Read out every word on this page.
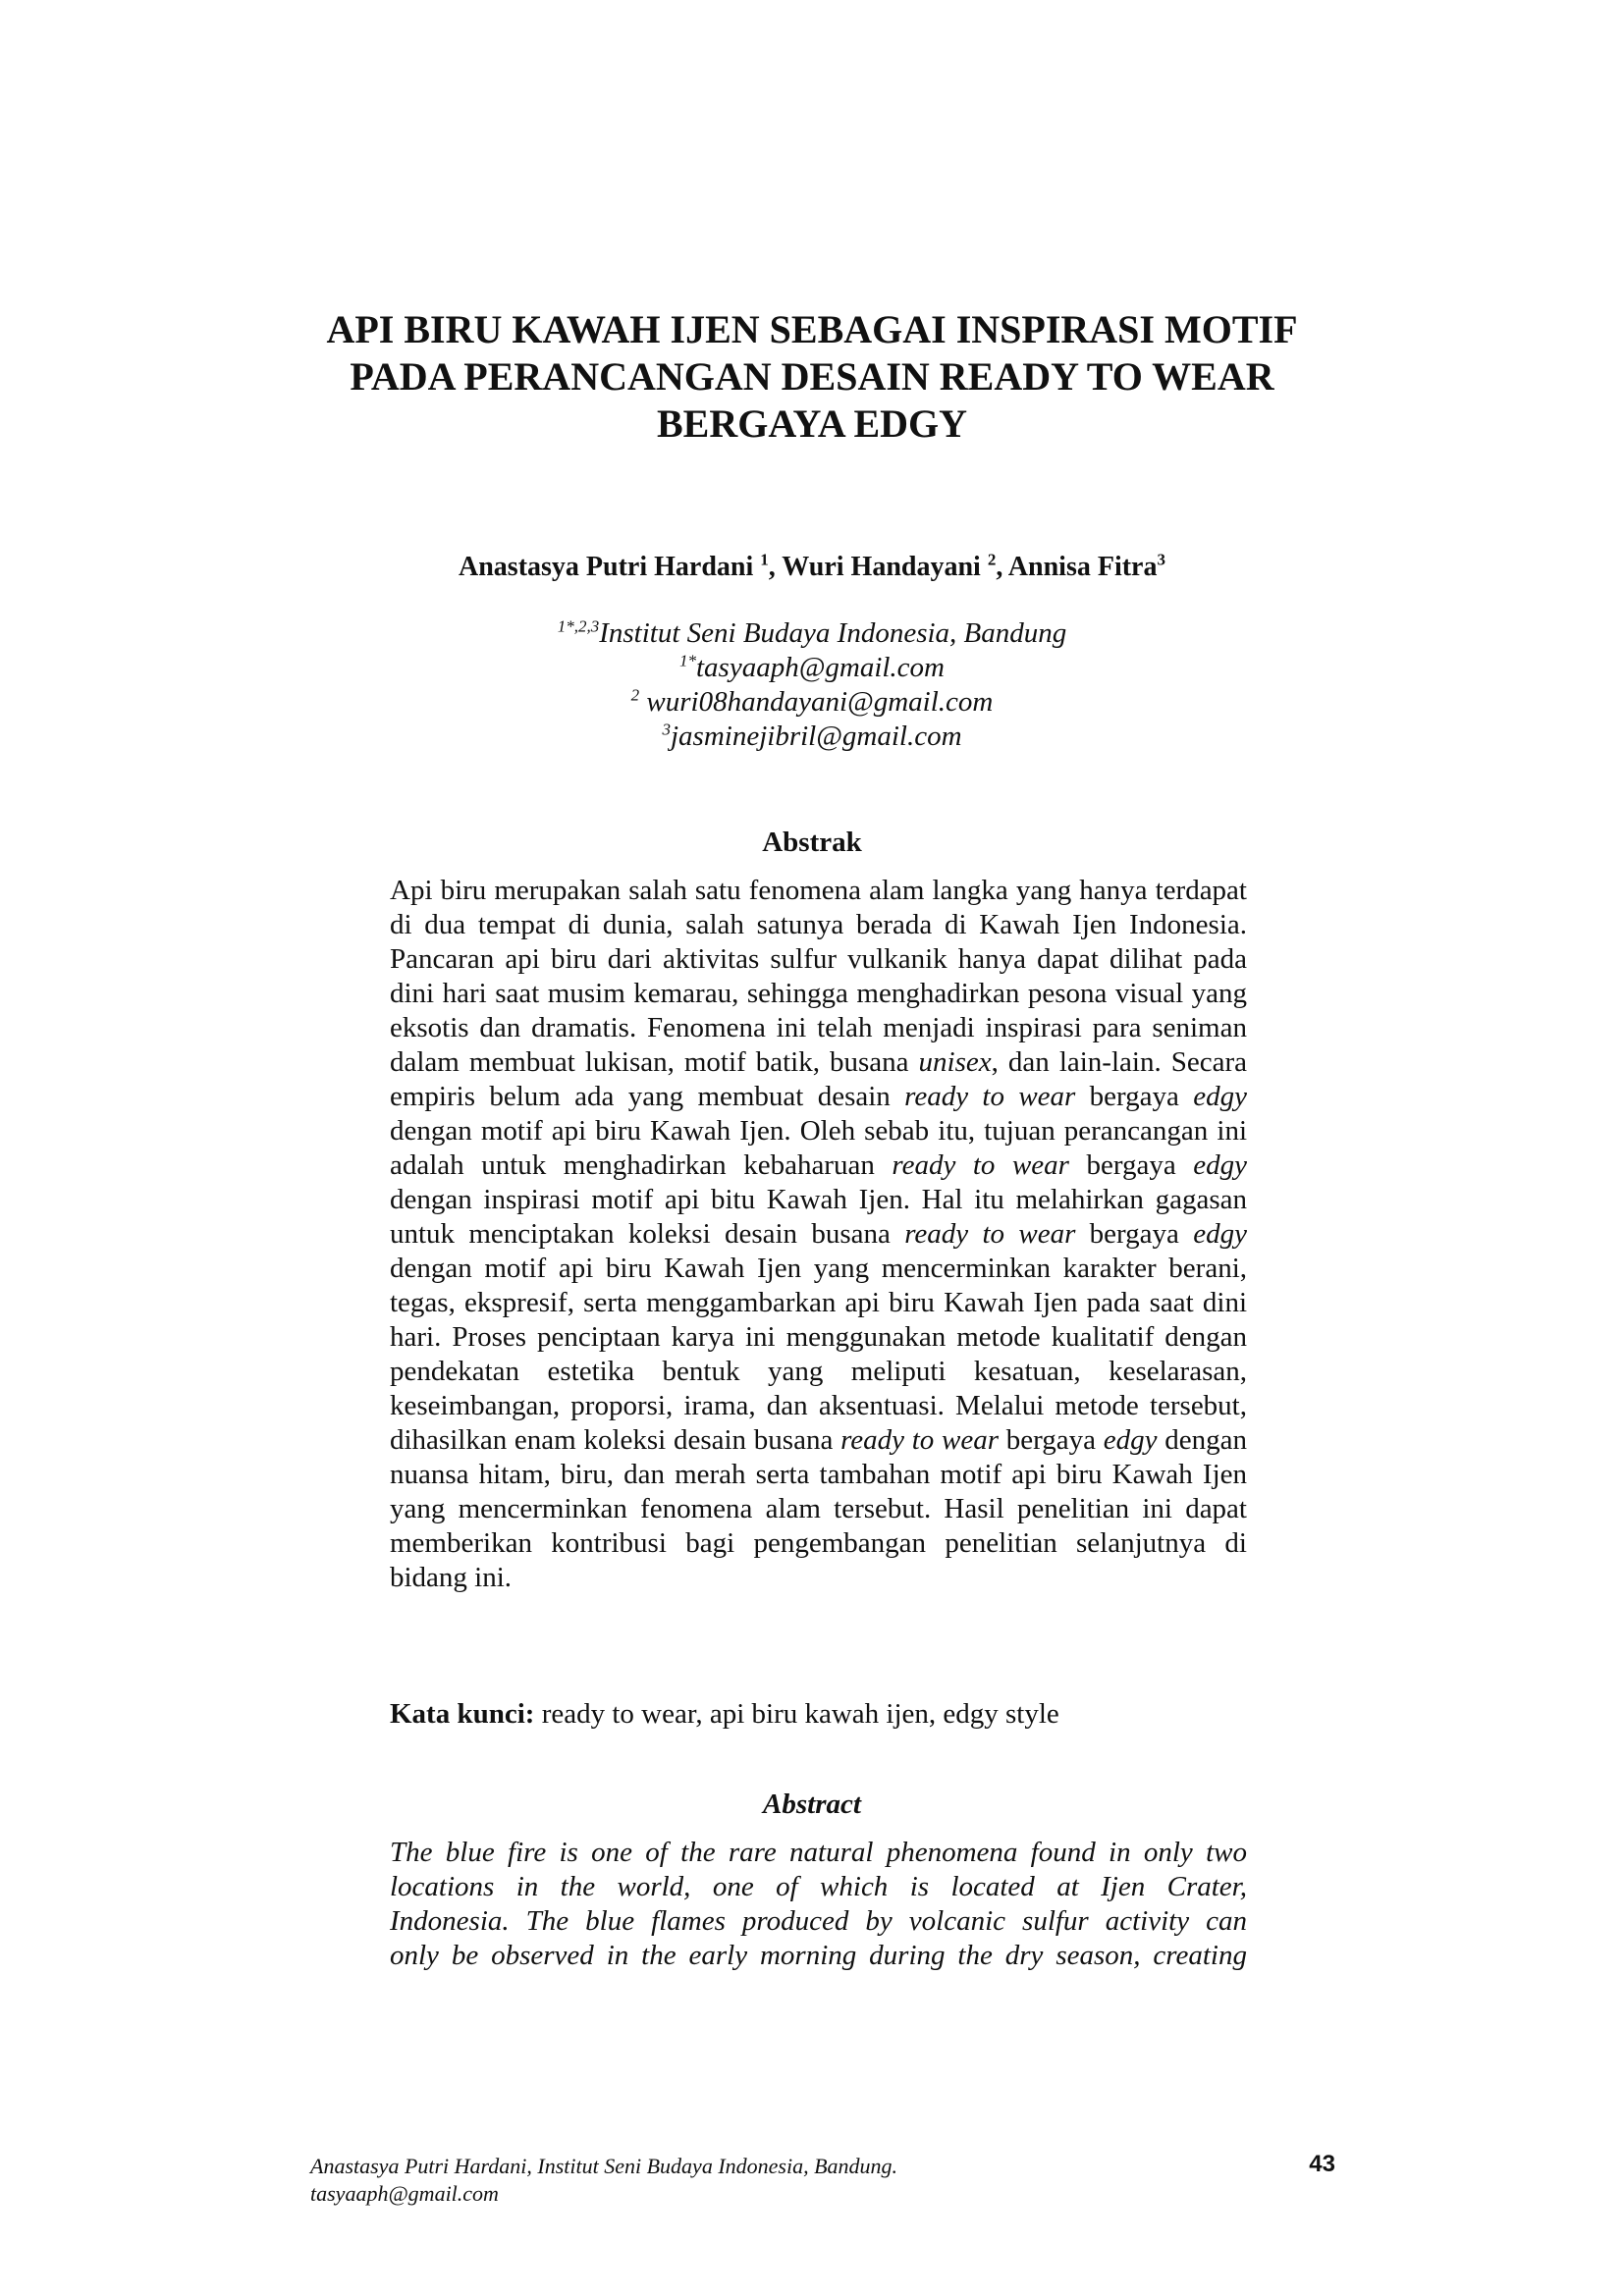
API BIRU KAWAH IJEN SEBAGAI INSPIRASI MOTIF
PADA PERANCANGAN DESAIN READY TO WEAR
BERGAYA EDGY
Anastasya Putri Hardani $^1$, Wuri Handayani $^2$, Annisa Fitra$^3$
$^{1*,2,3}$Institut Seni Budaya Indonesia, Bandung
$^{1*}$tasyaaph@gmail.com
$^2$ wuri08handayani@gmail.com
$^3$jasminejibril@gmail.com
Abstrak

Api biru merupakan salah satu fenomena alam langka yang hanya terdapat di dua tempat di dunia, salah satunya berada di Kawah Ijen Indonesia. Pancaran api biru dari aktivitas sulfur vulkanik hanya dapat dilihat pada dini hari saat musim kemarau, sehingga menghadirkan pesona visual yang eksotis dan dramatis. Fenomena ini telah menjadi inspirasi para seniman dalam membuat lukisan, motif batik, busana unisex, dan lain-lain. Secara empiris belum ada yang membuat desain ready to wear bergaya edgy dengan motif api biru Kawah Ijen. Oleh sebab itu, tujuan perancangan ini adalah untuk menghadirkan kebaharuan ready to wear bergaya edgy dengan inspirasi motif api bitu Kawah Ijen. Hal itu melahirkan gagasan untuk menciptakan koleksi desain busana ready to wear bergaya edgy dengan motif api biru Kawah Ijen yang mencerminkan karakter berani, tegas, ekspresif, serta menggambarkan api biru Kawah Ijen pada saat dini hari. Proses penciptaan karya ini menggunakan metode kualitatif dengan pendekatan estetika bentuk yang meliputi kesatuan, keselarasan, keseimbangan, proporsi, irama, dan aksentuasi. Melalui metode tersebut, dihasilkan enam koleksi desain busana ready to wear bergaya edgy dengan nuansa hitam, biru, dan merah serta tambahan motif api biru Kawah Ijen yang mencerminkan fenomena alam tersebut. Hasil penelitian ini dapat memberikan kontribusi bagi pengembangan penelitian selanjutnya di bidang ini.

Kata kunci: ready to wear, api biru kawah ijen, edgy style
Abstract

The blue fire is one of the rare natural phenomena found in only two
locations in the world, one of which is located at Ijen Crater,
Indonesia. The blue flames produced by volcanic sulfur activity can
only be observed in the early morning during the dry season, creating

Anastasya Putri Hardani, Institut Seni Budaya Indonesia, Bandung.
tasyaaph@gmail.com
43
